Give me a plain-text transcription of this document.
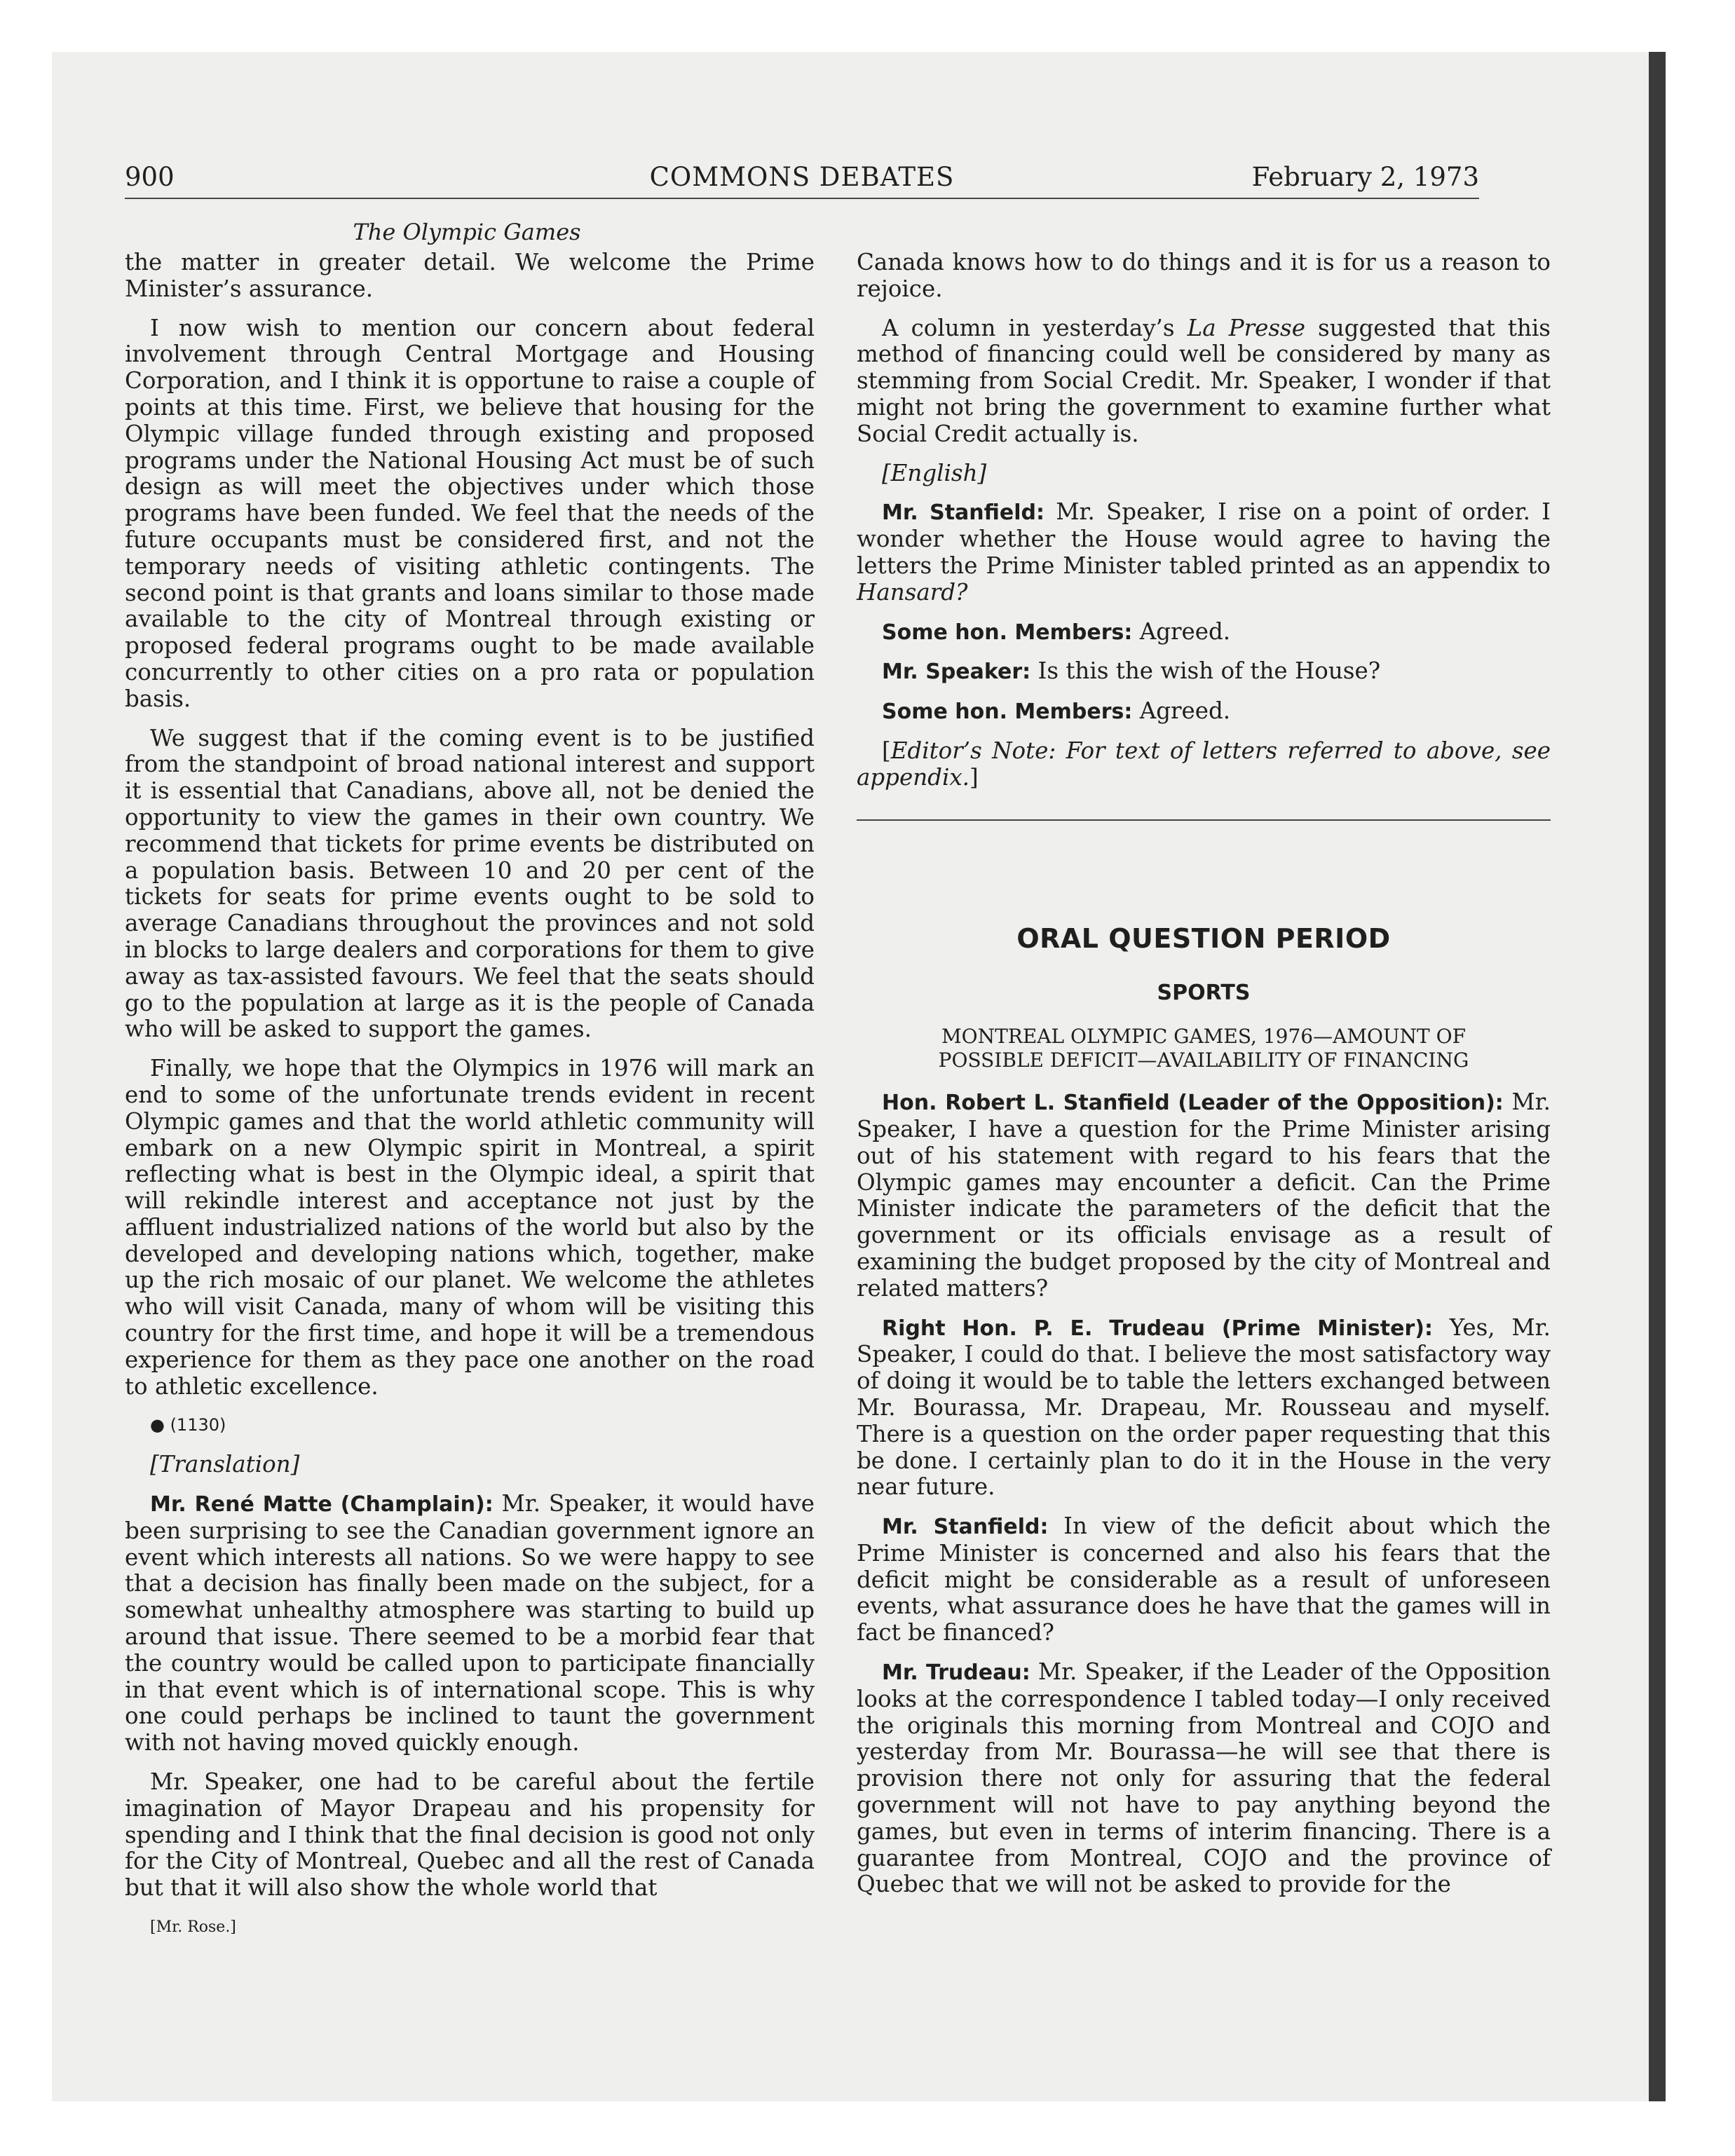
900	COMMONS DEBATES	February 2, 1973
The Olympic Games

the matter in greater detail. We welcome the Prime Minister’s assurance.

I now wish to mention our concern about federal involvement through Central Mortgage and Housing Corporation, and I think it is opportune to raise a couple of points at this time. First, we believe that housing for the Olympic village funded through existing and proposed programs under the National Housing Act must be of such design as will meet the objectives under which those programs have been funded. We feel that the needs of the future occupants must be considered first, and not the temporary needs of visiting athletic contingents. The second point is that grants and loans similar to those made available to the city of Montreal through existing or proposed federal programs ought to be made available concurrently to other cities on a pro rata or population basis.

We suggest that if the coming event is to be justified from the standpoint of broad national interest and support it is essential that Canadians, above all, not be denied the opportunity to view the games in their own country. We recommend that tickets for prime events be distributed on a population basis. Between 10 and 20 per cent of the tickets for seats for prime events ought to be sold to average Canadians throughout the provinces and not sold in blocks to large dealers and corporations for them to give away as tax-assisted favours. We feel that the seats should go to the population at large as it is the people of Canada who will be asked to support the games.

Finally, we hope that the Olympics in 1976 will mark an end to some of the unfortunate trends evident in recent Olympic games and that the world athletic community will embark on a new Olympic spirit in Montreal, a spirit reflecting what is best in the Olympic ideal, a spirit that will rekindle interest and acceptance not just by the affluent industrialized nations of the world but also by the developed and developing nations which, together, make up the rich mosaic of our planet. We welcome the athletes who will visit Canada, many of whom will be visiting this country for the first time, and hope it will be a tremendous experience for them as they pace one another on the road to athletic excellence.

● (1130)

[Translation]

Mr. René Matte (Champlain): Mr. Speaker, it would have been surprising to see the Canadian government ignore an event which interests all nations. So we were happy to see that a decision has finally been made on the subject, for a somewhat unhealthy atmosphere was starting to build up around that issue. There seemed to be a morbid fear that the country would be called upon to participate financially in that event which is of international scope. This is why one could perhaps be inclined to taunt the government with not having moved quickly enough.

Mr. Speaker, one had to be careful about the fertile imagination of Mayor Drapeau and his propensity for spending and I think that the final decision is good not only for the City of Montreal, Quebec and all the rest of Canada but that it will also show the whole world that

[Mr. Rose.]

Canada knows how to do things and it is for us a reason to rejoice.

A column in yesterday’s La Presse suggested that this method of financing could well be considered by many as stemming from Social Credit. Mr. Speaker, I wonder if that might not bring the government to examine further what Social Credit actually is.

[English]

Mr. Stanfield: Mr. Speaker, I rise on a point of order. I wonder whether the House would agree to having the letters the Prime Minister tabled printed as an appendix to Hansard?

Some hon. Members: Agreed.

Mr. Speaker: Is this the wish of the House?

Some hon. Members: Agreed.

[Editor’s Note: For text of letters referred to above, see appendix.]

ORAL QUESTION PERIOD
SPORTS
MONTREAL OLYMPIC GAMES, 1976—AMOUNT OF
POSSIBLE DEFICIT—AVAILABILITY OF FINANCING

Hon. Robert L. Stanfield (Leader of the Opposition): Mr. Speaker, I have a question for the Prime Minister arising out of his statement with regard to his fears that the Olympic games may encounter a deficit. Can the Prime Minister indicate the parameters of the deficit that the government or its officials envisage as a result of examining the budget proposed by the city of Montreal and related matters?

Right Hon. P. E. Trudeau (Prime Minister): Yes, Mr. Speaker, I could do that. I believe the most satisfactory way of doing it would be to table the letters exchanged between Mr. Bourassa, Mr. Drapeau, Mr. Rousseau and myself. There is a question on the order paper requesting that this be done. I certainly plan to do it in the House in the very near future.

Mr. Stanfield: In view of the deficit about which the Prime Minister is concerned and also his fears that the deficit might be considerable as a result of unforeseen events, what assurance does he have that the games will in fact be financed?

Mr. Trudeau: Mr. Speaker, if the Leader of the Opposition looks at the correspondence I tabled today—I only received the originals this morning from Montreal and COJO and yesterday from Mr. Bourassa—he will see that there is provision there not only for assuring that the federal government will not have to pay anything beyond the games, but even in terms of interim financing. There is a guarantee from Montreal, COJO and the province of Quebec that we will not be asked to provide for the
